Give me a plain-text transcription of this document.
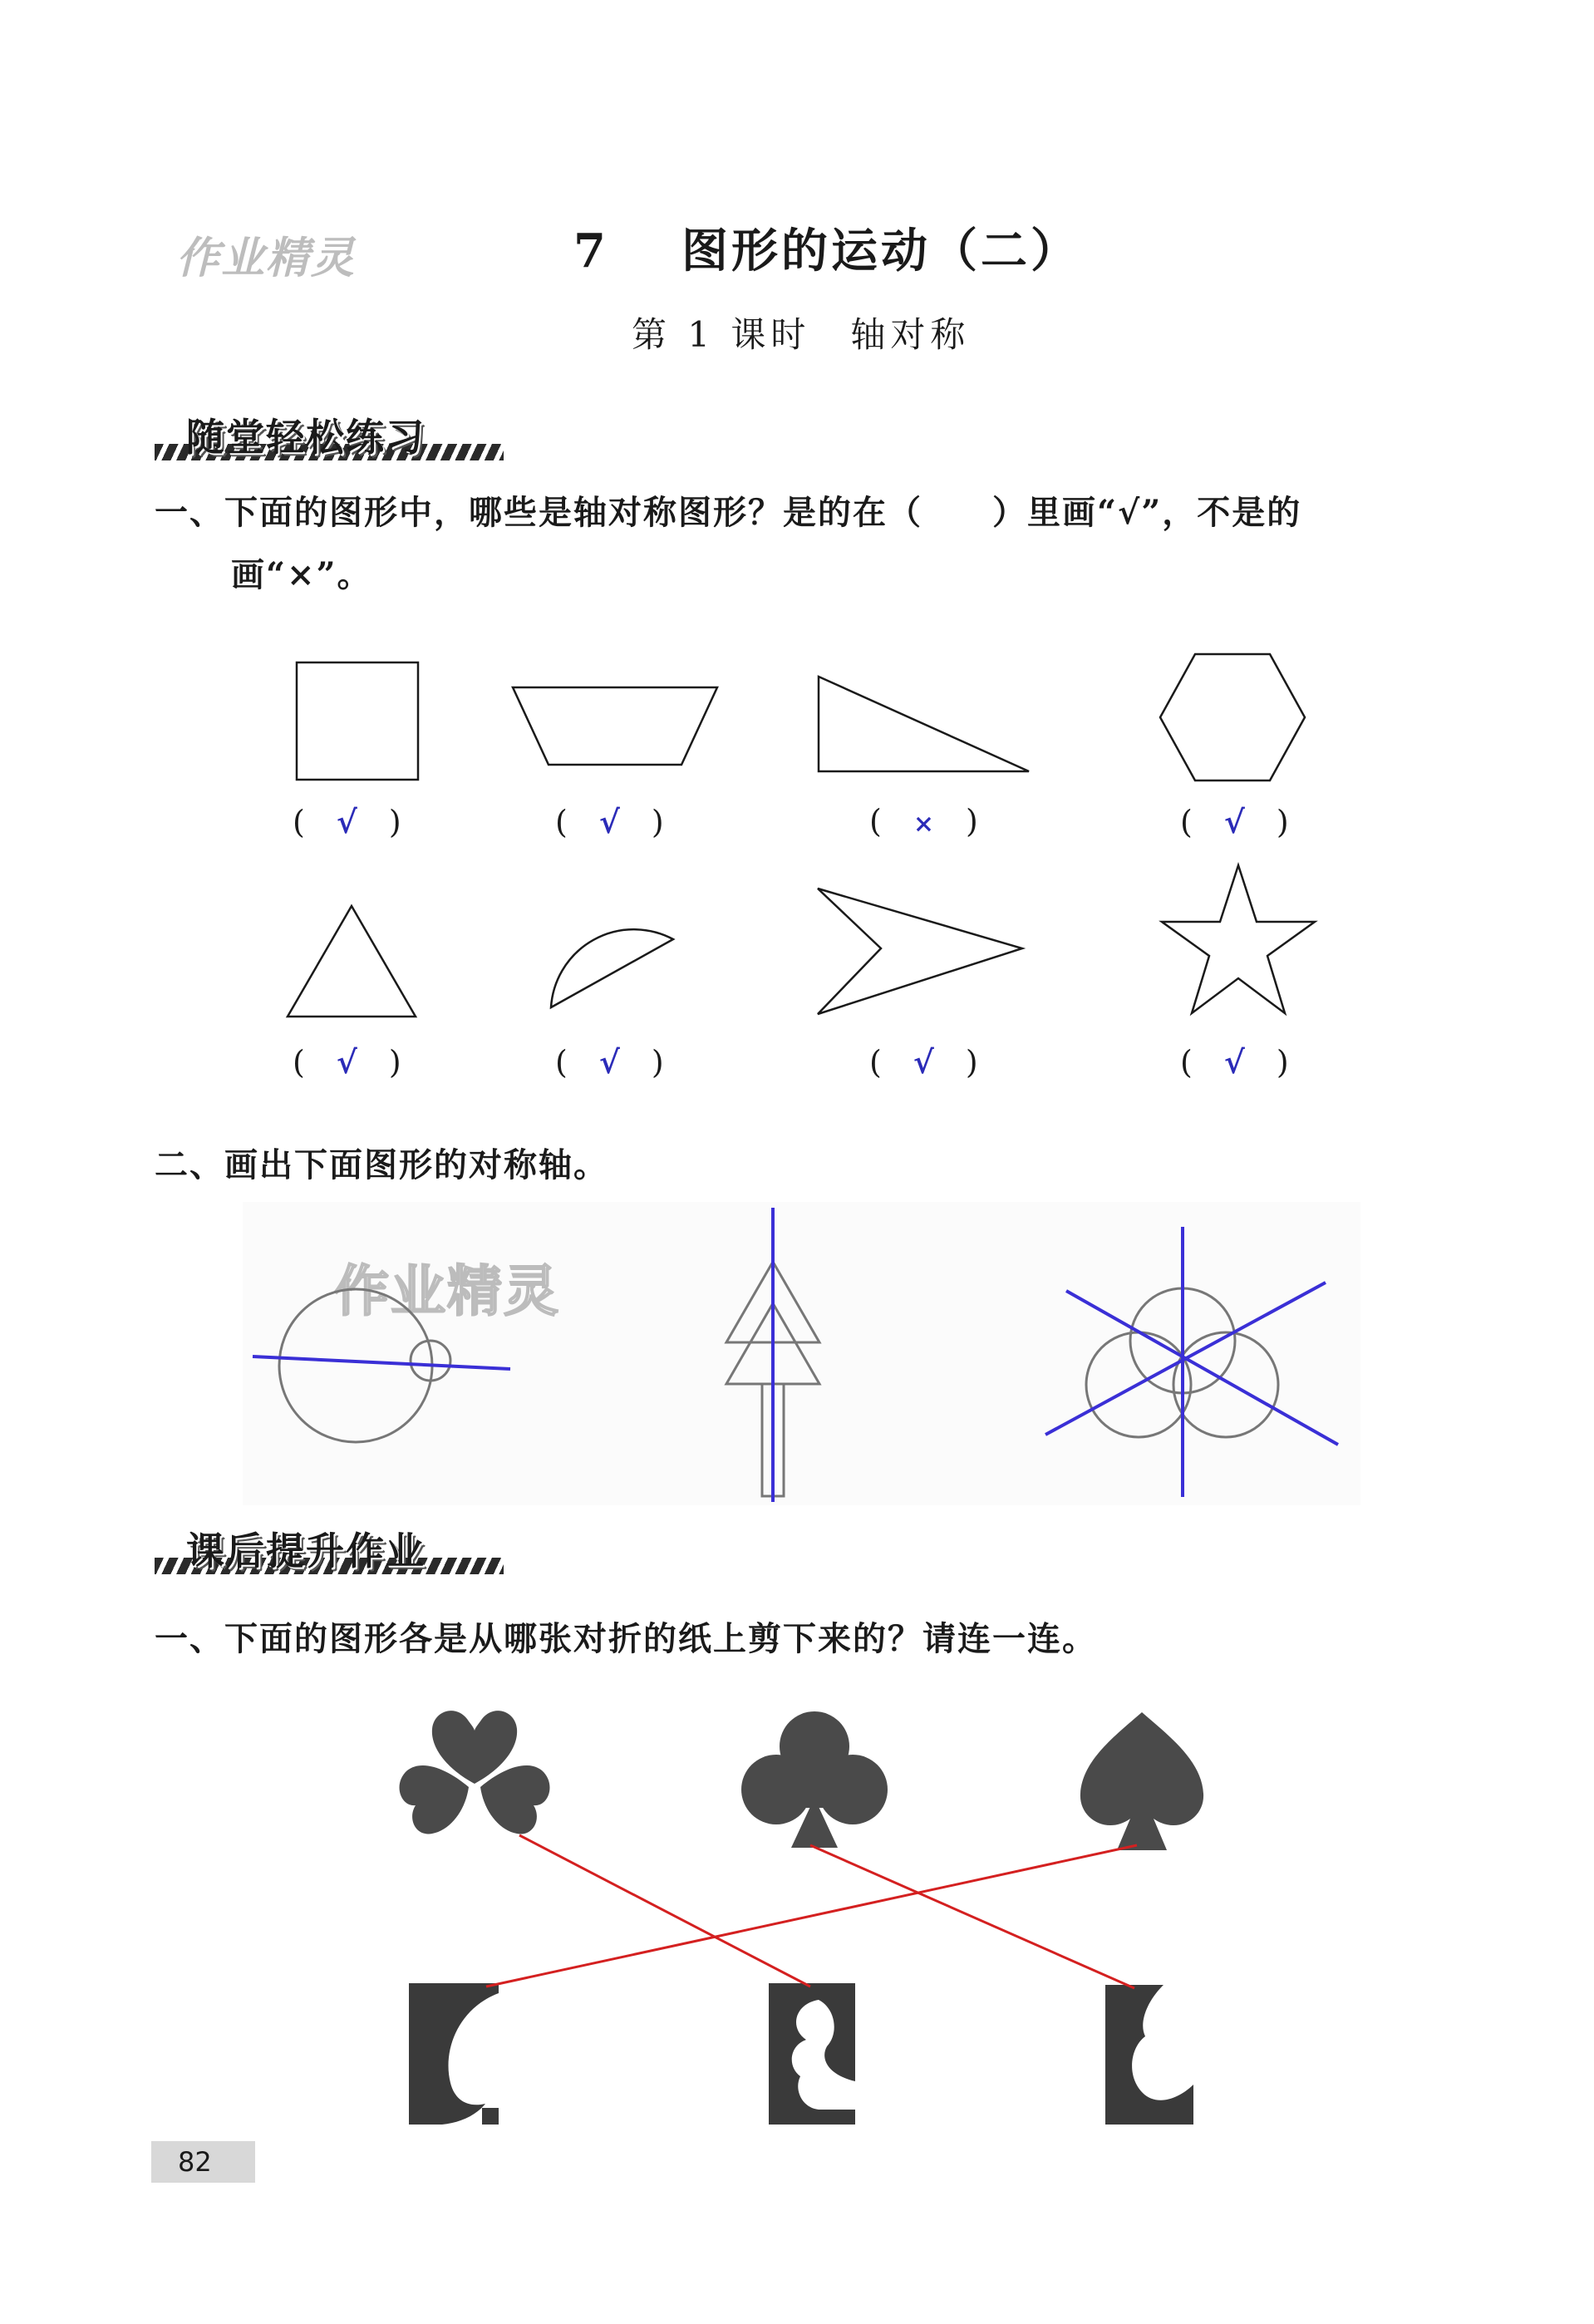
作业精灵	7 图形的运动（二）
第 1 课时　轴对称
随堂轻松练习
一、下面的图形中，哪些是轴对称图形？是的在（　　）里画“√”，不是的
画“×”。
( √ )	( √ )	( × )	( √ )
( √ )	( √ )	( √ )	( √ )
二、画出下面图形的对称轴。
作业精灵
课后提升作业
一、下面的图形各是从哪张对折的纸上剪下来的？请连一连。
82
